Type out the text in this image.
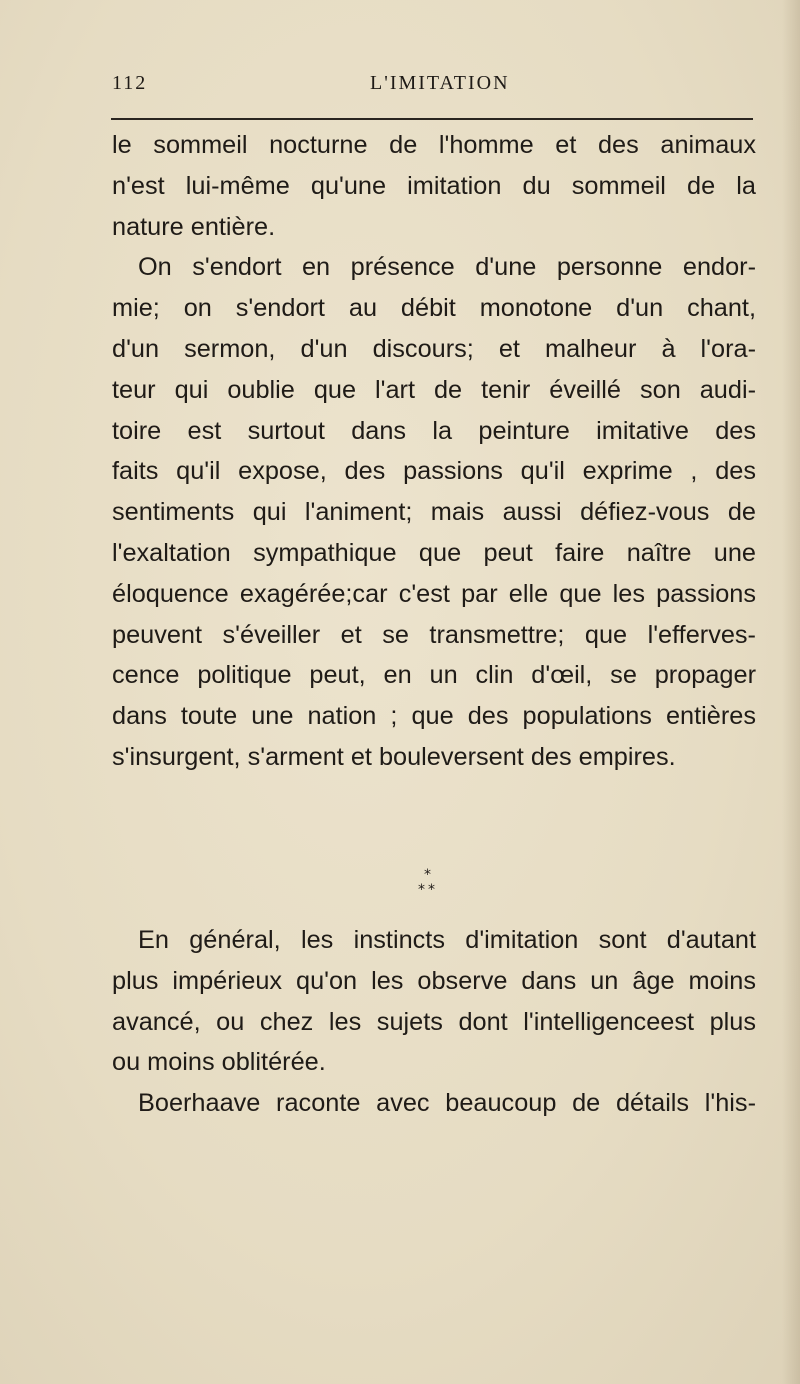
112	L'IMITATION

le sommeil nocturne de l'homme et des animaux
n'est lui-même qu'une imitation du sommeil de la
nature entière.

On s'endort en présence d'une personne endor-
mie; on s'endort au débit monotone d'un chant,
d'un sermon, d'un discours; et malheur à l'ora-
teur qui oublie que l'art de tenir éveillé son audi-
toire est surtout dans la peinture imitative des
faits qu'il expose, des passions qu'il exprime , des
sentiments qui l'animent; mais aussi défiez-vous de
l'exaltation sympathique que peut faire naître une
éloquence exagérée;car c'est par elle que les passions
peuvent s'éveiller et se transmettre; que l'efferves-
cence politique peut, en un clin d'œil, se propager
dans toute une nation ; que des populations entières
s'insurgent, s'arment et bouleversent des empires.

*
* *

En général, les instincts d'imitation sont d'autant
plus impérieux qu'on les observe dans un âge moins
avancé, ou chez les sujets dont l'intelligenceest plus
ou moins oblitérée.

Boerhaave raconte avec beaucoup de détails l'his-
